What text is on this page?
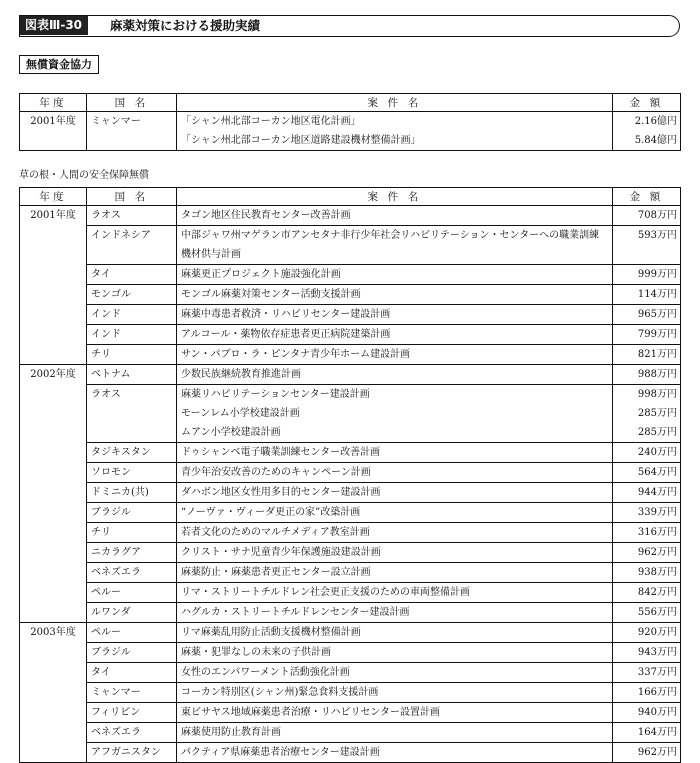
図表Ⅲ-30	麻薬対策における援助実績
無償資金協力
年度	国 名	案 件 名	金 額
2001年度	ミャンマー	「シャン州北部コーカン地区電化計画」	2.16億円
		「シャン州北部コーカン地区道路建設機材整備計画」	5.84億円
草の根・人間の安全保障無償
年度	国 名	案 件 名	金 額
2001年度	ラオス	タゴン地区住民教育センター改善計画	708万円
	インドネシア	中部ジャワ州マゲラン市アンセタナ非行少年社会リハビリテーション・センターへの職業訓練機材供与計画	593万円
	タイ	麻薬更正プロジェクト施設強化計画	999万円
	モンゴル	モンゴル麻薬対策センター活動支援計画	114万円
	インド	麻薬中毒患者救済・リハビリセンター建設計画	965万円
	インド	アルコール・薬物依存症患者更正病院建築計画	799万円
	チリ	サン・パブロ・ラ・ピンタナ青少年ホーム建設計画	821万円
2002年度	ベトナム	少数民族継続教育推進計画	988万円
	ラオス	麻薬リハビリテーションセンター建設計画	998万円
		モーンレム小学校建設計画	285万円
		ムアン小学校建設計画	285万円
	タジキスタン	ドゥシャンベ電子職業訓練センター改善計画	240万円
	ソロモン	青少年治安改善のためのキャンペーン計画	564万円
	ドミニカ(共)	ダハボン地区女性用多目的センター建設計画	944万円
	ブラジル	“ノーヴァ・ヴィーダ更正の家”改築計画	339万円
	チリ	若者文化のためのマルチメディア教室計画	316万円
	ニカラグア	クリスト・サナ児童青少年保護施設建設計画	962万円
	ベネズエラ	麻薬防止・麻薬患者更正センター設立計画	938万円
	ペルー	リマ・ストリートチルドレン社会更正支援のための車両整備計画	842万円
	ルワンダ	ハグルカ・ストリートチルドレンセンター建設計画	556万円
2003年度	ペルー	リマ麻薬乱用防止活動支援機材整備計画	920万円
	ブラジル	麻薬・犯罪なしの未来の子供計画	943万円
	タイ	女性のエンパワーメント活動強化計画	337万円
	ミャンマー	コーカン特別区(シャン州)緊急食料支援計画	166万円
	フィリピン	東ビサヤス地域麻薬患者治療・リハビリセンター設置計画	940万円
	ベネズエラ	麻薬使用防止教育計画	164万円
	アフガニスタン	パクティア県麻薬患者治療センター建設計画	962万円
